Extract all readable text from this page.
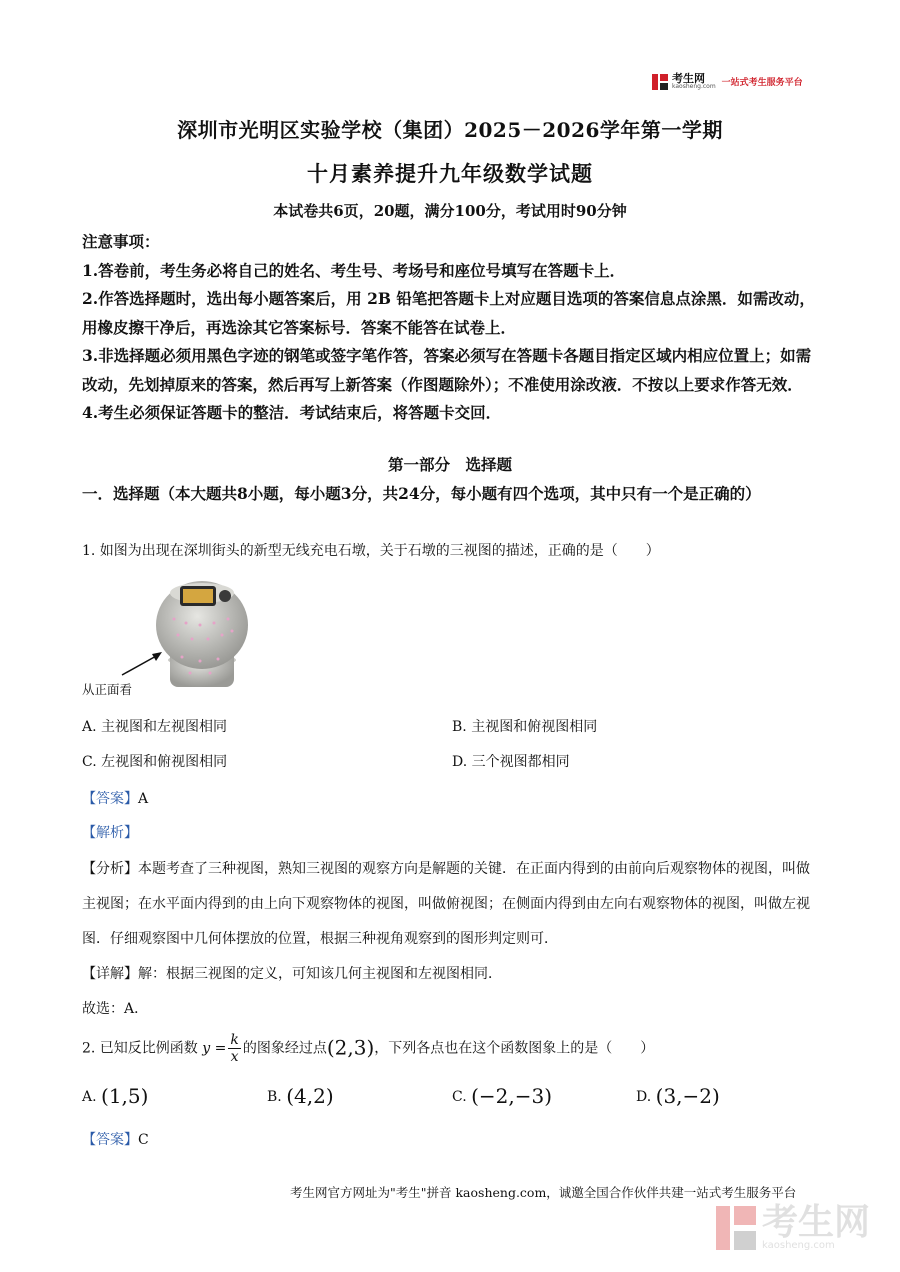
考生网
kaosheng.com 一站式考生服务平台
深圳市光明区实验学校（集团）2025－2026学年第一学期
十月素养提升九年级数学试题
本试卷共6页，20题，满分100分，考试用时90分钟

注意事项：

1.答卷前，考生务必将自己的姓名、考生号、考场号和座位号填写在答题卡上．

2.作答选择题时，选出每小题答案后，用 2B 铅笔把答题卡上对应题目选项的答案信息点涂黑．如需改动，用橡皮擦干净后，再选涂其它答案标号．答案不能答在试卷上．

3.非选择题必须用黑色字迹的钢笔或签字笔作答，答案必须写在答题卡各题目指定区域内相应位置上；如需改动，先划掉原来的答案，然后再写上新答案（作图题除外）；不准使用涂改液．不按以上要求作答无效．

4.考生必须保证答题卡的整洁．考试结束后，将答题卡交回．

第一部分　选择题
一．选择题（本大题共8小题，每小题3分，共24分，每小题有四个选项，其中只有一个是正确的）
1. 如图为出现在深圳街头的新型无线充电石墩，关于石墩的三视图的描述，正确的是（　　）
从正面看
A. 主视图和左视图相同	B. 主视图和俯视图相同
C. 左视图和俯视图相同	D. 三个视图都相同
【答案】A
【解析】

【分析】本题考查了三种视图，熟知三视图的观察方向是解题的关键．在正面内得到的由前向后观察物体的视图，叫做主视图；在水平面内得到的由上向下观察物体的视图，叫做俯视图；在侧面内得到由左向右观察物体的视图，叫做左视图．仔细观察图中几何体摆放的位置，根据三种视角观察到的图形判定则可．

【详解】解：根据三视图的定义，可知该几何主视图和左视图相同．

故选：A．

2. 已知反比例函数 $y = \frac{k}{x}$ 的图象经过点(2,3)，下列各点也在这个函数图象上的是（　　）
A. (1,5)	B. (4,2)	C. (−2,−3)	D. (3,−2)
【答案】C
考生网官方网址为"考生"拼音 kaosheng.com，诚邀全国合作伙伴共建一站式考生服务平台
考生网
kaosheng.com
